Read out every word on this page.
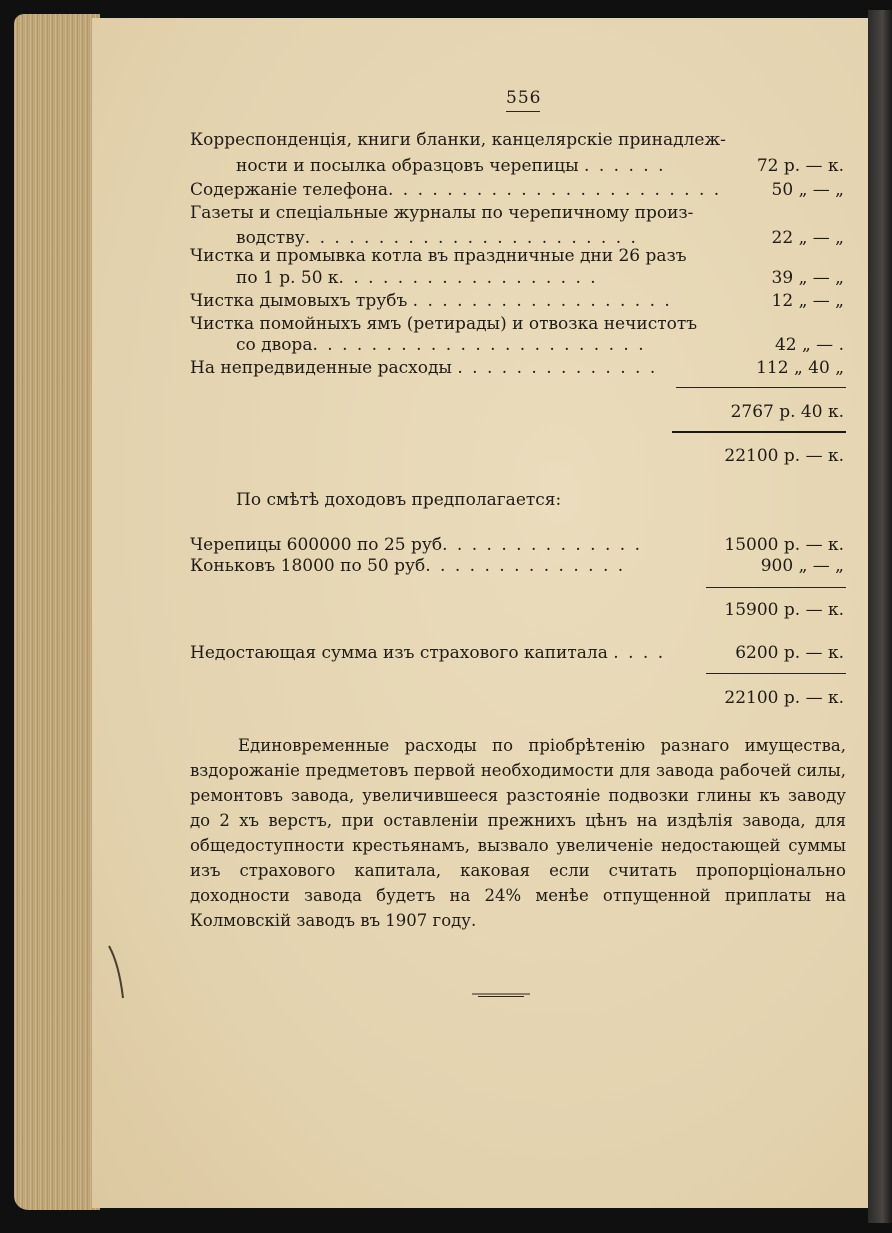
556
Корреспонденція, книги бланки, канцелярскіе принадлеж-
ности и посылка образцовъ черепицы . . . . . .	72 р. — к.
Содержаніе телефона. . . . . . . . . . . . . . . . . . . . . . .	50 „ — „
Газеты и спеціальные журналы по черепичному произ-
водству. . . . . . . . . . . . . . . . . . . . . . .	22 „ — „
Чистка и промывка котла въ праздничные дни 26 разъ
по 1 р. 50 к. . . . . . . . . . . . . . . . . .	39 „ — „
Чистка дымовыхъ трубъ . . . . . . . . . . . . . . . . . .	12 „ — „
Чистка помойныхъ ямъ (ретирады) и отвозка нечистотъ
со двора. . . . . . . . . . . . . . . . . . . . . . .	42 „ — .
На непредвиденные расходы . . . . . . . . . . . . . .	112 „ 40 „
2767 р. 40 к.
22100 р. — к.
По смѣтѣ доходовъ предполагается:
Черепицы 600000 по 25 руб. . . . . . . . . . . . . .	15000 р. — к.
Коньковъ 18000 по 50 руб. . . . . . . . . . . . . .	900 „ — „
15900 р. — к.
Недостающая сумма изъ страхового капитала . . . .	6200 р. — к.
22100 р. — к.
Единовременные расходы по пріобрѣтенію разнаго имущества, вздорожаніе предметовъ первой необходимости для завода рабочей силы, ремонтовъ завода, увеличившееся разстояніе подвозки глины къ заводу до 2 хъ верстъ, при оставленіи прежнихъ цѣнъ на издѣлія завода, для общедоступности крестьянамъ, вызвало увеличеніе недостающей суммы изъ страхового капитала, каковая если считать пропорціонально доходности завода будетъ на 24% менѣе отпущенной приплаты на Колмовскій заводъ въ 1907 году.
